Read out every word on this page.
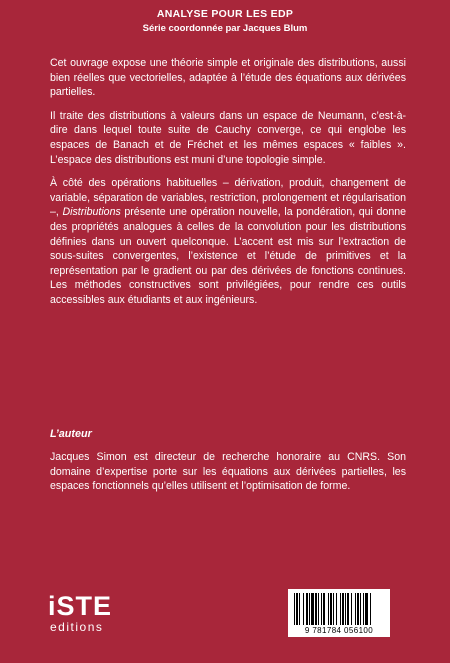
ANALYSE POUR LES EDP
Série coordonnée par Jacques Blum

Cet ouvrage expose une théorie simple et originale des distributions, aussi bien réelles que vectorielles, adaptée à l’étude des équations aux dérivées partielles.

Il traite des distributions à valeurs dans un espace de Neumann, c’est-à-dire dans lequel toute suite de Cauchy converge, ce qui englobe les espaces de Banach et de Fréchet et les mêmes espaces « faibles ». L’espace des distributions est muni d’une topologie simple.

À côté des opérations habituelles – dérivation, produit, changement de variable, séparation de variables, restriction, prolongement et régularisation –, Distributions présente une opération nouvelle, la pondération, qui donne des propriétés analogues à celles de la convolution pour les distributions définies dans un ouvert quelconque. L’accent est mis sur l’extraction de sous-suites convergentes, l’existence et l’étude de primitives et la représentation par le gradient ou par des dérivées de fonctions continues. Les méthodes constructives sont privilégiées, pour rendre ces outils accessibles aux étudiants et aux ingénieurs.

L’auteur

Jacques Simon est directeur de recherche honoraire au CNRS. Son domaine d’expertise porte sur les équations aux dérivées partielles, les espaces fonctionnels qu’elles utilisent et l’optimisation de forme.

iSTE
editions	9 781784 056100
